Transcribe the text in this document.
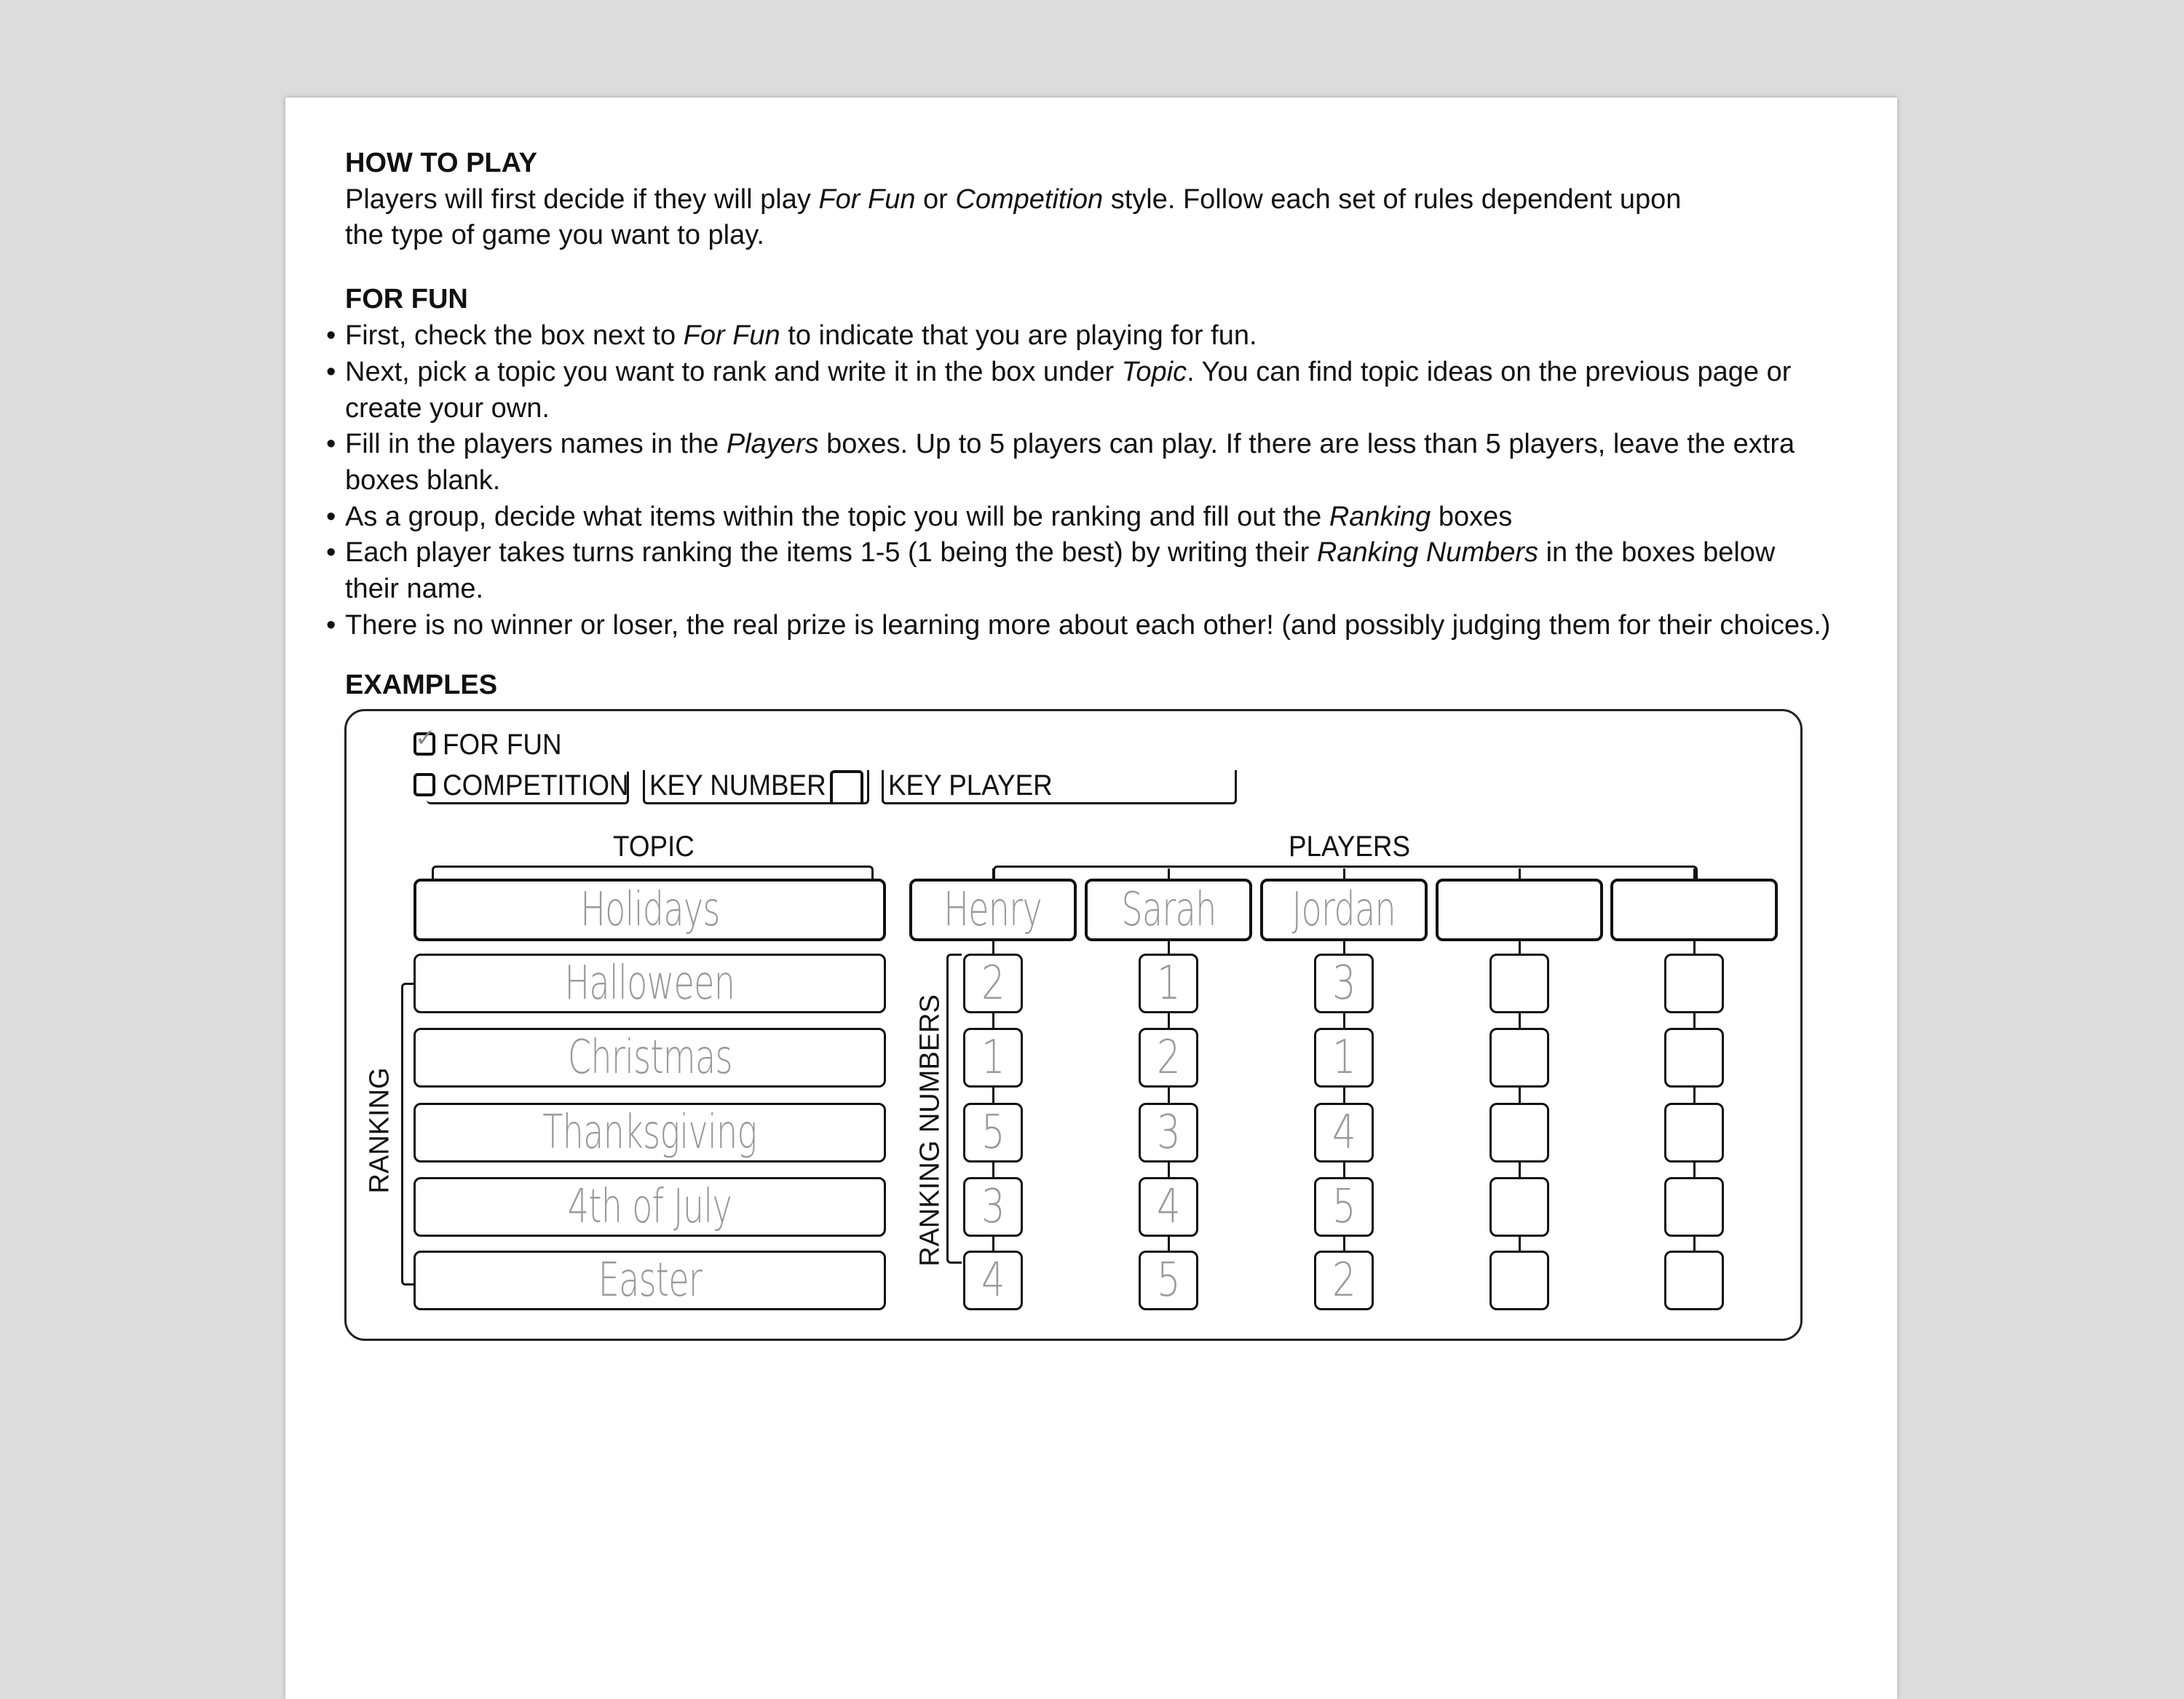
HOW TO PLAY
Players will first decide if they will play For Fun or Competition style. Follow each set of rules dependent upon
the type of game you want to play.
FOR FUN
• First, check the box next to For Fun to indicate that you are playing for fun.
• Next, pick a topic you want to rank and write it in the box under Topic. You can find topic ideas on the previous page or
create your own.
• Fill in the players names in the Players boxes. Up to 5 players can play. If there are less than 5 players, leave the extra
boxes blank.
• As a group, decide what items within the topic you will be ranking and fill out the Ranking boxes
• Each player takes turns ranking the items 1-5 (1 being the best) by writing their Ranking Numbers in the boxes below
their name.
• There is no winner or loser, the real prize is learning more about each other! (and possibly judging them for their choices.)
EXAMPLES
✓ FOR FUN
COMPETITION KEY NUMBER KEY PLAYER
TOPIC	PLAYERS
Holidays
RANKING	RANKING NUMBERS
Halloween
Christmas
Thanksgiving
4th of July
Easter
Henry
2
1
5
3
4
Sarah
1
2
3
4
5
Jordan
3
1
4
5
2
